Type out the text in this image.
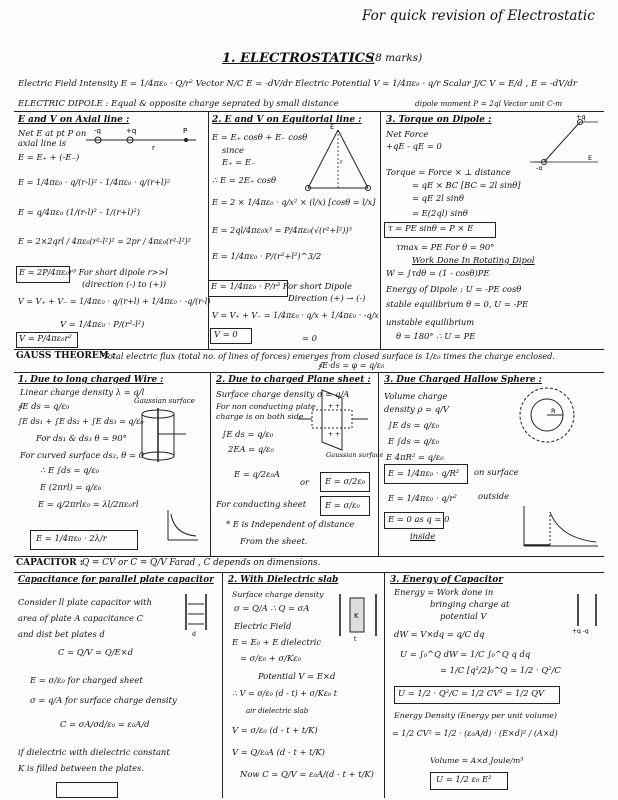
For quick revision of Electrostatic
1. ELECTROSTATICS
(8 marks)
Electric Field Intensity E = 1/4πε₀ · Q/r² Vector N/C E = -dV/dr Electric Potential V = 1/4πε₀ · q/r Scalar J/C V = E/d , E = -dV/dr
ELECTRIC DIPOLE : Equal & opposite charge seprated by small distance	dipole moment P = 2ql Vector unit C-m
E and V on Axial line :
Net E at pt P on
axial line is
-q	+q	P
r
E = E₊ + (-E₋)
E = 1/4πε₀ · q/(r-l)² - 1/4πε₀ · q/(r+l)²
E = q/4πε₀ (1/(r-l)² - 1/(r+l)²)
E = 2×2qrl / 4πε₀(r²-l²)² = 2pr / 4πε₀(r²-l²)²
E = 2P/4πε₀r³ For short dipole r>>l
(direction (-) to (+))
V = V₊ + V₋ = 1/4πε₀ · q/(r+l) + 1/4πε₀ · -q/(r-l)
V = 1/4πε₀ · P/(r²-l²)
V = P/4πε₀r²
2. E and V on Equitorial line :
E
r
E = E₊ cosθ + E₋ cosθ
since
E₊ = E₋
∴ E = 2E₊ cosθ
E = 2 × 1/4πε₀ · q/x² × (l/x) [cosθ = l/x]
E = 2ql/4πε₀x³ = P/4πε₀(√(r²+l²))³
E = 1/4πε₀ · P/(r²+l²)^3/2
E = 1/4πε₀ · P/r³ For short Dipole
Direction (+) → (-)
V = V₊ + V₋ = 1/4πε₀ · q/x + 1/4πε₀ · -q/x
V = 0	= 0
3. Torque on Dipole :	+q
-q
E
Net Force
+qE - qE = 0
Torque = Force × ⊥ distance
= qE × BC [BC = 2l sinθ]
= qE 2l sinθ
= E(2ql) sinθ
τ = PE sinθ = P × E
τmax = PE For θ = 90°
Work Done In Rotating Dipol
W = ∫τdθ = (1 - cosθ)PE
Energy of Dipole : U = -PE cosθ
stable equilibrium θ = 0, U = -PE
unstable equilibrium
θ = 180° ∴ U = PE
GAUSS THEOREM :
Total electric flux (total no. of lines of forces) emerges from closed surface is 1/ε₀ times the charge enclosed.
∮E·ds = φ = q/ε₀
1. Due to long charged Wire :
Linear charge density λ = q/l
∮E ds = q/ε₀	Gaussian surface
∫E ds₁ + ∫E ds₂ + ∫E ds₃ = q/ε₀
For ds₁ & ds₃ θ = 90°
For curved surface ds₂, θ = 0
∴ E ∫ds = q/ε₀
E (2πrl) = q/ε₀
E = q/2πrlε₀ = λl/2πε₀rl
E = 1/4πε₀ · 2λ/r
2. Due to charged Plane sheet :
Surface charge density σ = q/A
For non conducting plate
charge is on both side
∫E ds = q/ε₀
2EA = q/ε₀
E = q/2ε₀A
E = σ/2ε₀
or
For conducting sheet E = σ/ε₀
* E is Independent of distance
From the sheet.
Gaussian surface
+ +
+ +
3. Due Charged Hallow Sphere :
Volume charge
density ρ = q/V
∫E ds = q/ε₀
E ∫ds = q/ε₀
E 4πR² = q/ε₀
E = 1/4πε₀ · q/R² on surface
E = 1/4πε₀ · q/r²	outside
E = 0 as q = 0
inside
R
CAPACITOR :
Q = CV or C = Q/V Farad , C depends on dimensions.
Capacitance for parallel plate capacitor
Consider ll plate capacitor with
area of plate A capacitance C
and dist bet plates d
C = Q/V = Q/E×d
E = σ/ε₀ for charged sheet
σ = q/A for surface charge density
C = σA/σd/ε₀ = ε₀A/d
if dielectric with dielectric constant
K is filled between the plates.
d
2. With Dielectric slab
Surface charge density
σ = Q/A ∴ Q = σA
Electric Field
E = E₀ + E dielectric
= σ/ε₀ + σ/Kε₀
Potential V = E×d
∴ V = σ/ε₀ (d - t) + σ/Kε₀ t
air dielectric slab
V = σ/ε₀ (d - t + t/K)
V = Q/ε₀A (d - t + t/K)
Now C = Q/V = ε₀A/(d - t + t/K)
K
t
3. Energy of Capacitor
Energy = Work done in
bringing charge at
potential V
dW = V×dq = q/C dq
U = ∫₀^Q dW = 1/C ∫₀^Q q dq
= 1/C [q²/2]₀^Q = 1/2 · Q²/C
U = 1/2 · Q²/C = 1/2 CV² = 1/2 QV
Energy Density (Energy per unit volume)
= 1/2 CV² = 1/2 · (ε₀A/d) · (E×d)² / (A×d)
Volume = A×d Joule/m³
U = 1/2 ε₀ E²
+q -q
